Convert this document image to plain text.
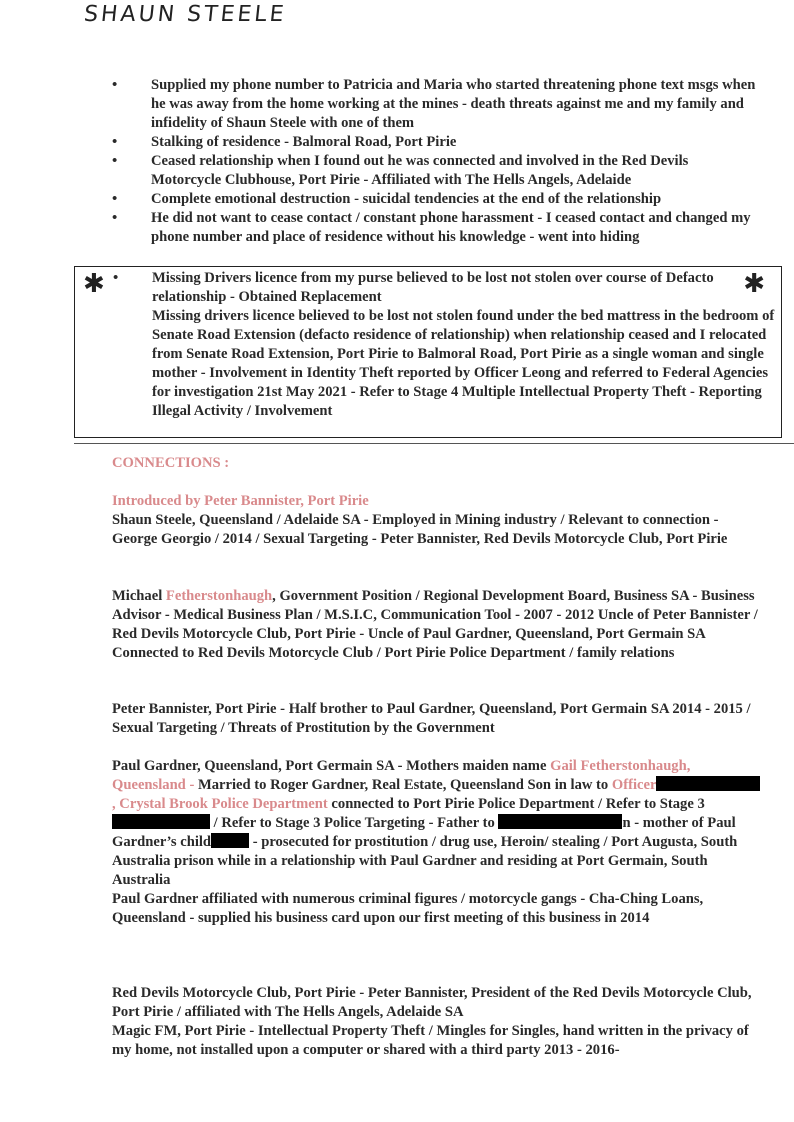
SHAUN STEELE
• Supplied my phone number to Patricia and Maria who started threatening phone text msgs when he was away from the home working at the mines - death threats against me and my family and infidelity of Shaun Steele with one of them
• Stalking of residence - Balmoral Road, Port Pirie
• Ceased relationship when I found out he was connected and involved in the Red Devils Motorcycle Clubhouse, Port Pirie - Affiliated with The Hells Angels, Adelaide
• Complete emotional destruction - suicidal tendencies at the end of the relationship
• He did not want to cease contact / constant phone harassment - I ceased contact and changed my phone number and place of residence without his knowledge - went into hiding
✱	✱

• Missing Drivers licence from my purse believed to be lost not stolen over course of Defacto relationship - Obtained Replacement

Missing drivers licence believed to be lost not stolen found under the bed mattress in the bedroom of Senate Road Extension (defacto residence of relationship) when relationship ceased and I relocated from Senate Road Extension, Port Pirie to Balmoral Road, Port Pirie as a single woman and single mother - Involvement in Identity Theft reported by Officer Leong and referred to Federal Agencies for investigation 21st May 2021 - Refer to Stage 4 Multiple Intellectual Property Theft - Reporting Illegal Activity / Involvement

CONNECTIONS :

Introduced by Peter Bannister, Port Pirie

Shaun Steele, Queensland / Adelaide SA - Employed in Mining industry / Relevant to connection - George Georgio / 2014 / Sexual Targeting - Peter Bannister, Red Devils Motorcycle Club, Port Pirie

Michael Fetherstonhaugh, Government Position / Regional Development Board, Business SA - Business Advisor - Medical Business Plan / M.S.I.C, Communication Tool - 2007 - 2012 Uncle of Peter Bannister / Red Devils Motorcycle Club, Port Pirie - Uncle of Paul Gardner, Queensland, Port Germain SA

Connected to Red Devils Motorcycle Club / Port Pirie Police Department / family relations

Peter Bannister, Port Pirie - Half brother to Paul Gardner, Queensland, Port Germain SA 2014 - 2015 / Sexual Targeting / Threats of Prostitution by the Government

Paul Gardner, Queensland, Port Germain SA - Mothers maiden name Gail Fetherstonhaugh, Queensland - Married to Roger Gardner, Real Estate, Queensland Son in law to Officer, Crystal Brook Police Department connected to Port Pirie Police Department / Refer to Stage 3
/ Refer to Stage 3 Police Targeting - Father to	n - mother of Paul Gardner’s child	- prosecuted for prostitution / drug use, Heroin/ stealing / Port Augusta, South Australia prison while in a relationship with Paul Gardner and residing at Port Germain, South Australia

Paul Gardner affiliated with numerous criminal figures / motorcycle gangs - Cha-Ching Loans, Queensland - supplied his business card upon our first meeting of this business in 2014

Red Devils Motorcycle Club, Port Pirie - Peter Bannister, President of the Red Devils Motorcycle Club, Port Pirie / affiliated with The Hells Angels, Adelaide SA

Magic FM, Port Pirie - Intellectual Property Theft / Mingles for Singles, hand written in the privacy of my home, not installed upon a computer or shared with a third party 2013 - 2016-
